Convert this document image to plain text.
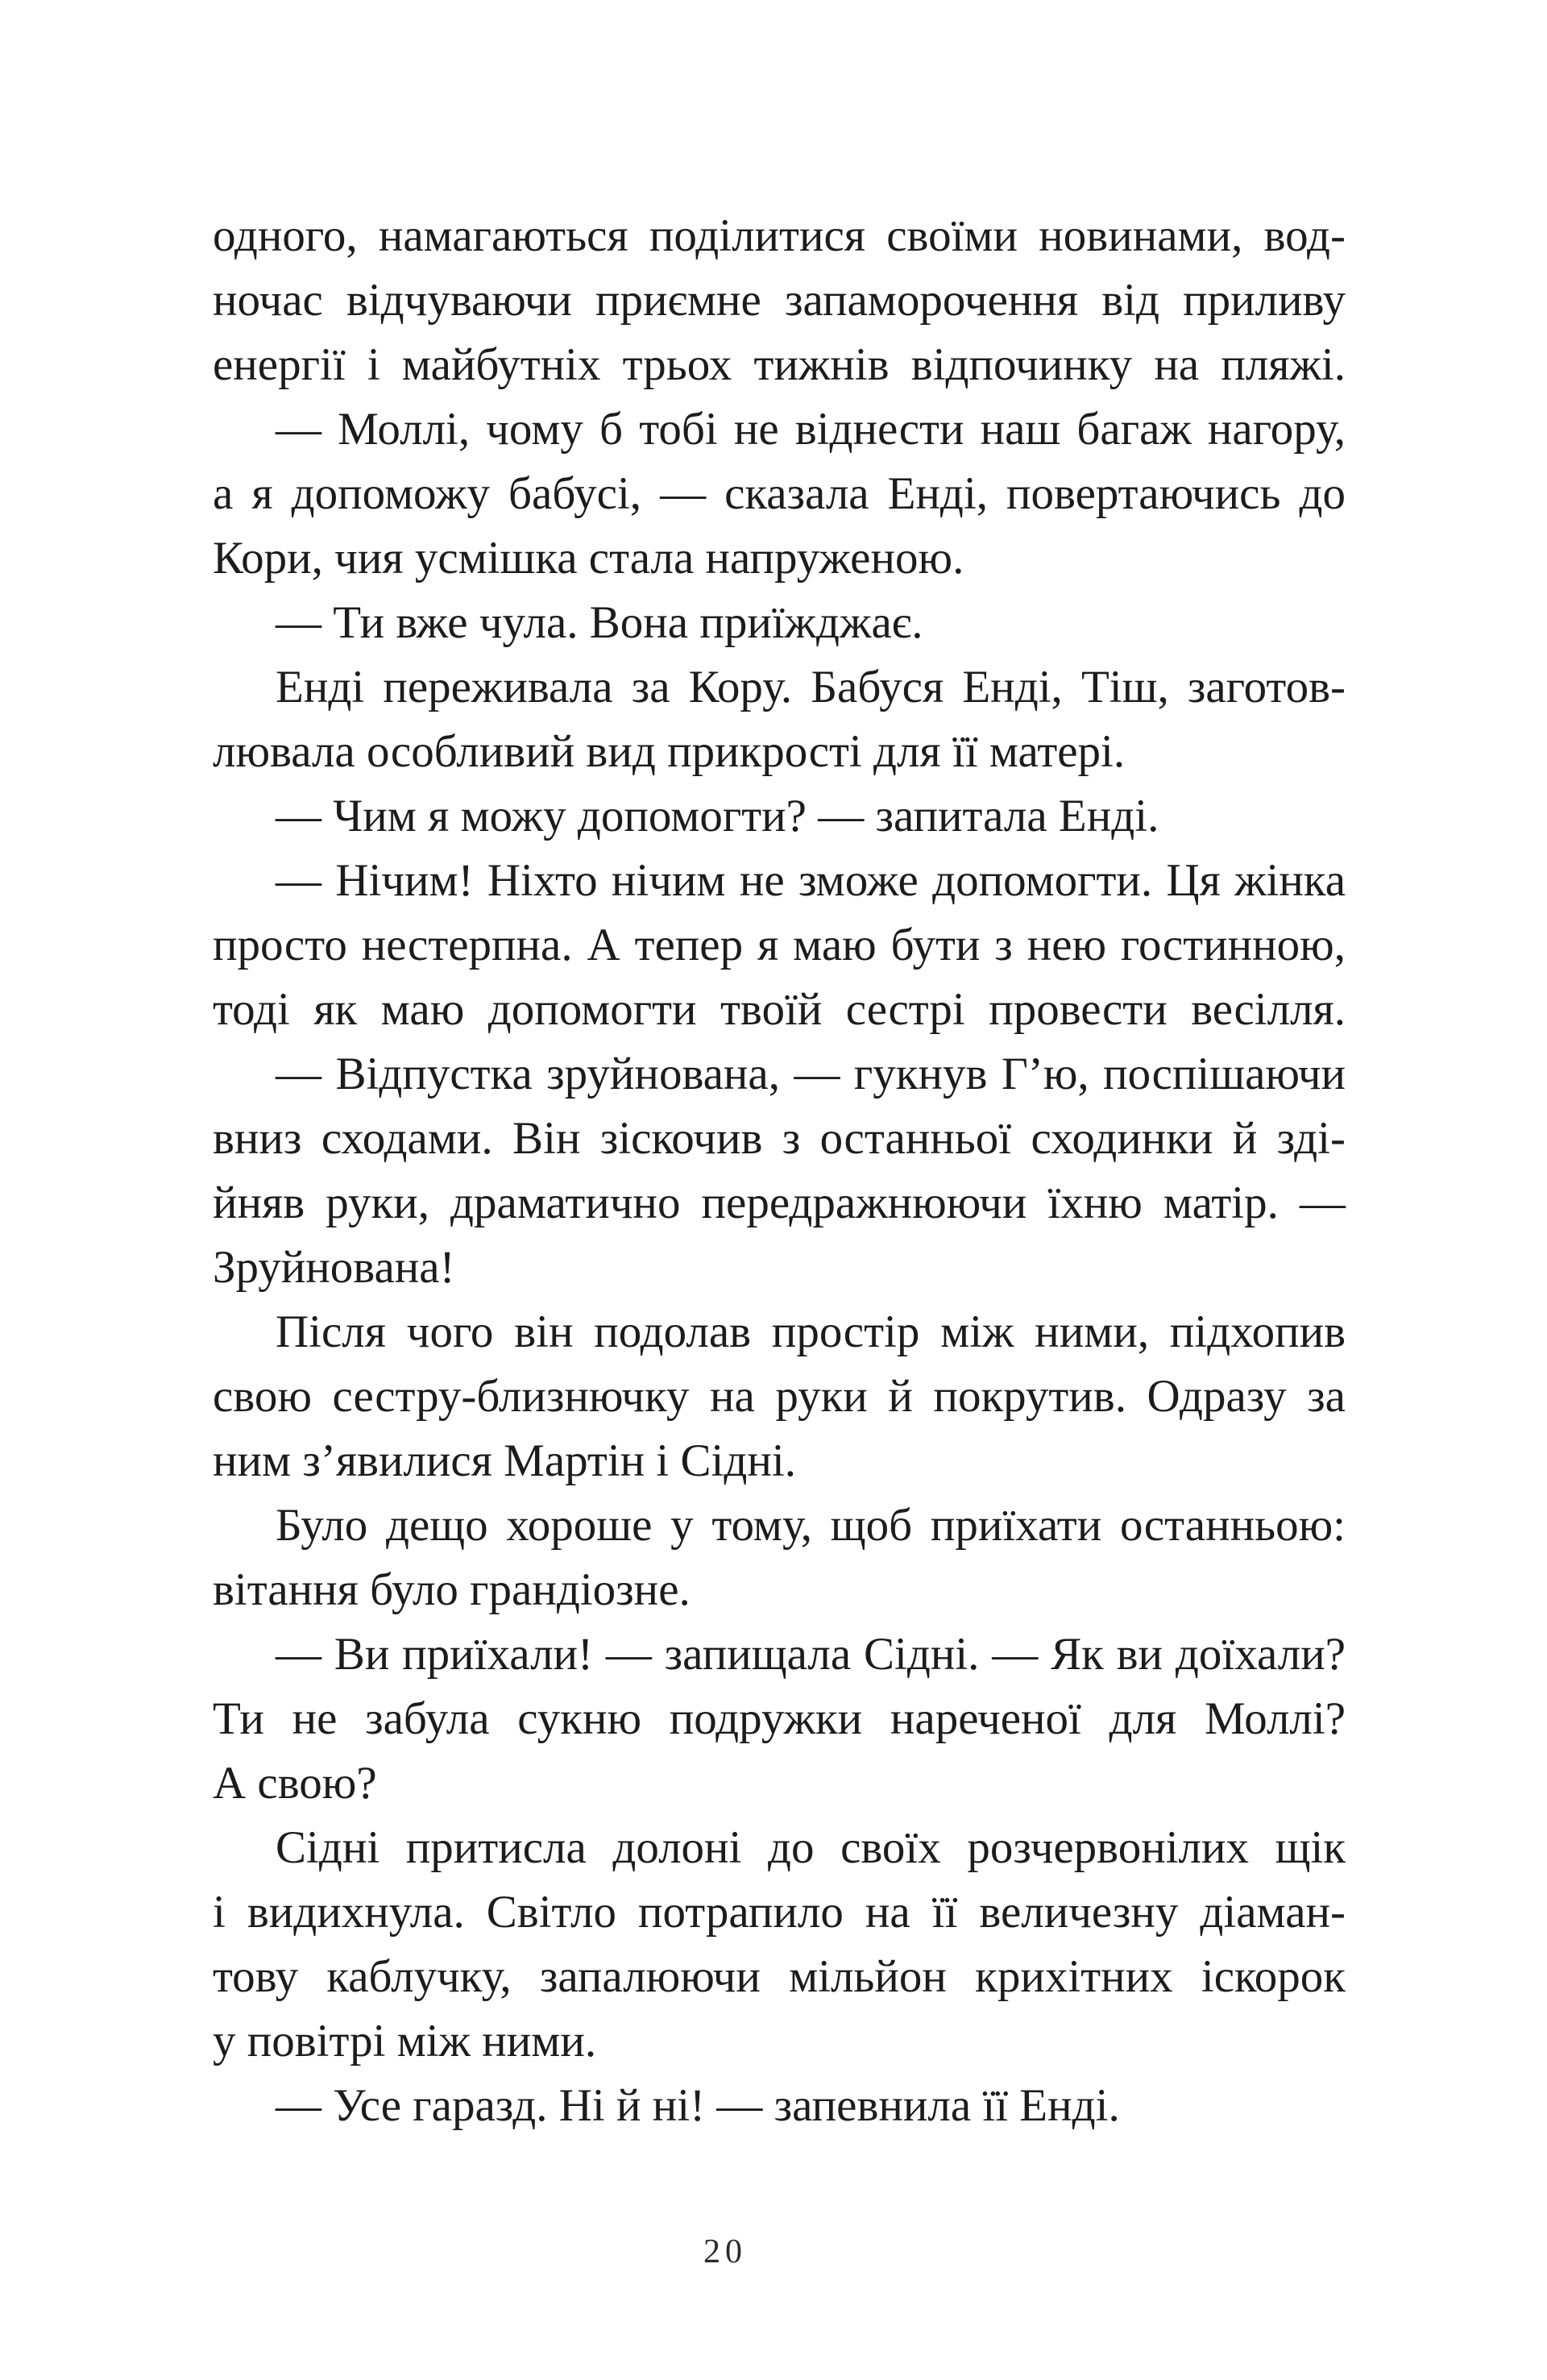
одного, намагаються поділитися своїми новинами, вод-
ночас відчуваючи приємне запаморочення від приливу
енергії і майбутніх трьох тижнів відпочинку на пляжі.
— Моллі, чому б тобі не віднести наш багаж нагору,
а я допоможу бабусі, — сказала Енді, повертаючись до
Кори, чия усмішка стала напруженою.
— Ти вже чула. Вона приїжджає.
Енді переживала за Кору. Бабуся Енді, Тіш, заготов-
лювала особливий вид прикрості для її матері.
— Чим я можу допомогти? — запитала Енді.
— Нічим! Ніхто нічим не зможе допомогти. Ця жінка
просто нестерпна. А тепер я маю бути з нею гостинною,
тоді як маю допомогти твоїй сестрі провести весілля.
— Відпустка зруйнована, — гукнув Г’ю, поспішаючи
вниз сходами. Він зіскочив з останньої сходинки й зді-
йняв руки, драматично передражнюючи їхню матір. —
Зруйнована!
Після чого він подолав простір між ними, підхопив
свою сестру-близнючку на руки й покрутив. Одразу за
ним з’явилися Мартін і Сідні.
Було дещо хороше у тому, щоб приїхати останньою:
вітання було грандіозне.
— Ви приїхали! — запищала Сідні. — Як ви доїхали?
Ти не забула сукню подружки нареченої для Моллі?
А свою?
Сідні притисла долоні до своїх розчервонілих щік
і видихнула. Світло потрапило на її величезну діаман-
тову каблучку, запалюючи мільйон крихітних іскорок
у повітрі між ними.
— Усе гаразд. Ні й ні! — запевнила її Енді.
20
